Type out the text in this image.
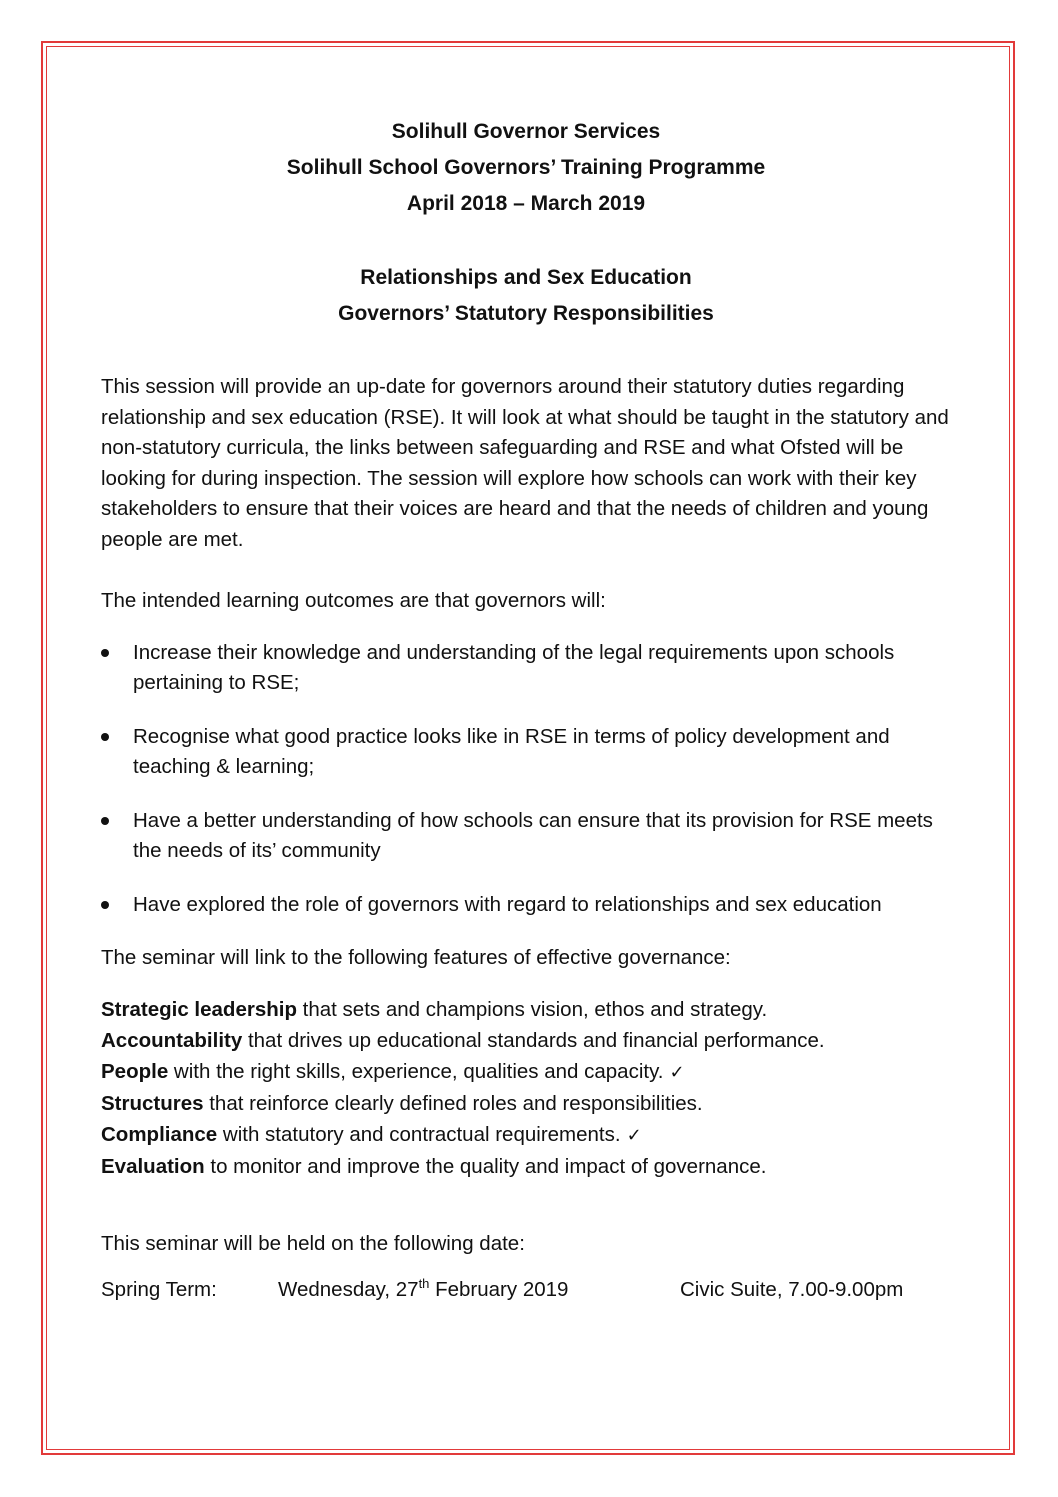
Solihull Governor Services
Solihull School Governors’ Training Programme
April 2018 – March 2019
Relationships and Sex Education
Governors’ Statutory Responsibilities

This session will provide an up-date for governors around their statutory duties regarding relationship and sex education (RSE). It will look at what should be taught in the statutory and non-statutory curricula, the links between safeguarding and RSE and what Ofsted will be looking for during inspection. The session will explore how schools can work with their key stakeholders to ensure that their voices are heard and that the needs of children and young people are met.

The intended learning outcomes are that governors will:

Increase their knowledge and understanding of the legal requirements upon schools pertaining to RSE;
Recognise what good practice looks like in RSE in terms of policy development and teaching & learning;
Have a better understanding of how schools can ensure that its provision for RSE meets the needs of its’ community
Have explored the role of governors with regard to relationships and sex education

The seminar will link to the following features of effective governance:

Strategic leadership that sets and champions vision, ethos and strategy.
Accountability that drives up educational standards and financial performance.
People with the right skills, experience, qualities and capacity. ✓
Structures that reinforce clearly defined roles and responsibilities.
Compliance with statutory and contractual requirements. ✓
Evaluation to monitor and improve the quality and impact of governance.

This seminar will be held on the following date:

Spring Term:	Wednesday, 27th February 2019	Civic Suite, 7.00-9.00pm
